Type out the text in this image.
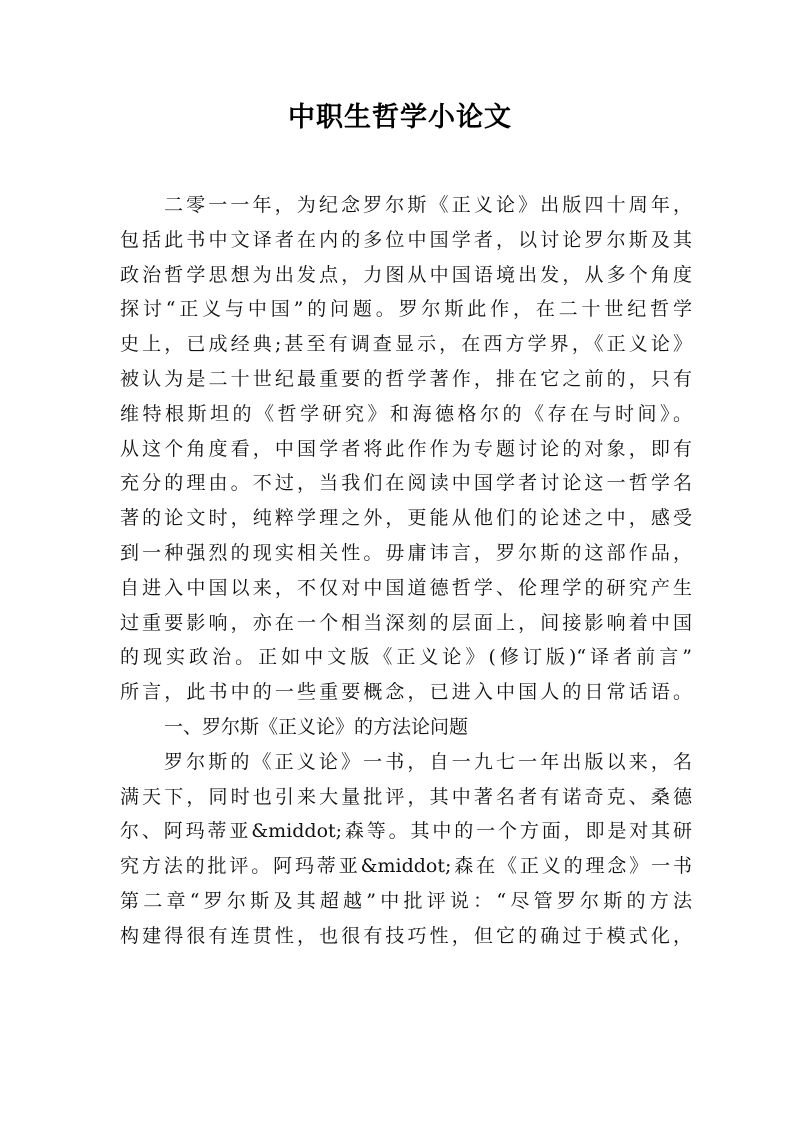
中职生哲学小论文
二零一一年，为纪念罗尔斯《正义论》出版四十周年，
包括此书中文译者在内的多位中国学者，以讨论罗尔斯及其
政治哲学思想为出发点，力图从中国语境出发，从多个角度
探讨“正义与中国”的问题。罗尔斯此作，在二十世纪哲学
史上，已成经典;甚至有调查显示，在西方学界，《正义论》
被认为是二十世纪最重要的哲学著作，排在它之前的，只有
维特根斯坦的《哲学研究》和海德格尔的《存在与时间》。
从这个角度看，中国学者将此作作为专题讨论的对象，即有
充分的理由。不过，当我们在阅读中国学者讨论这一哲学名
著的论文时，纯粹学理之外，更能从他们的论述之中，感受
到一种强烈的现实相关性。毋庸讳言，罗尔斯的这部作品，
自进入中国以来，不仅对中国道德哲学、伦理学的研究产生
过重要影响，亦在一个相当深刻的层面上，间接影响着中国
的现实政治。正如中文版《正义论》(修订版)“译者前言”
所言，此书中的一些重要概念，已进入中国人的日常话语。
一、罗尔斯《正义论》的方法论问题
罗尔斯的《正义论》一书，自一九七一年出版以来，名
满天下，同时也引来大量批评，其中著名者有诺奇克、桑德
尔、阿玛蒂亚&middot;森等。其中的一个方面，即是对其研
究方法的批评。阿玛蒂亚&middot;森在《正义的理念》一书
第二章“罗尔斯及其超越”中批评说：“尽管罗尔斯的方法
构建得很有连贯性，也很有技巧性，但它的确过于模式化，
